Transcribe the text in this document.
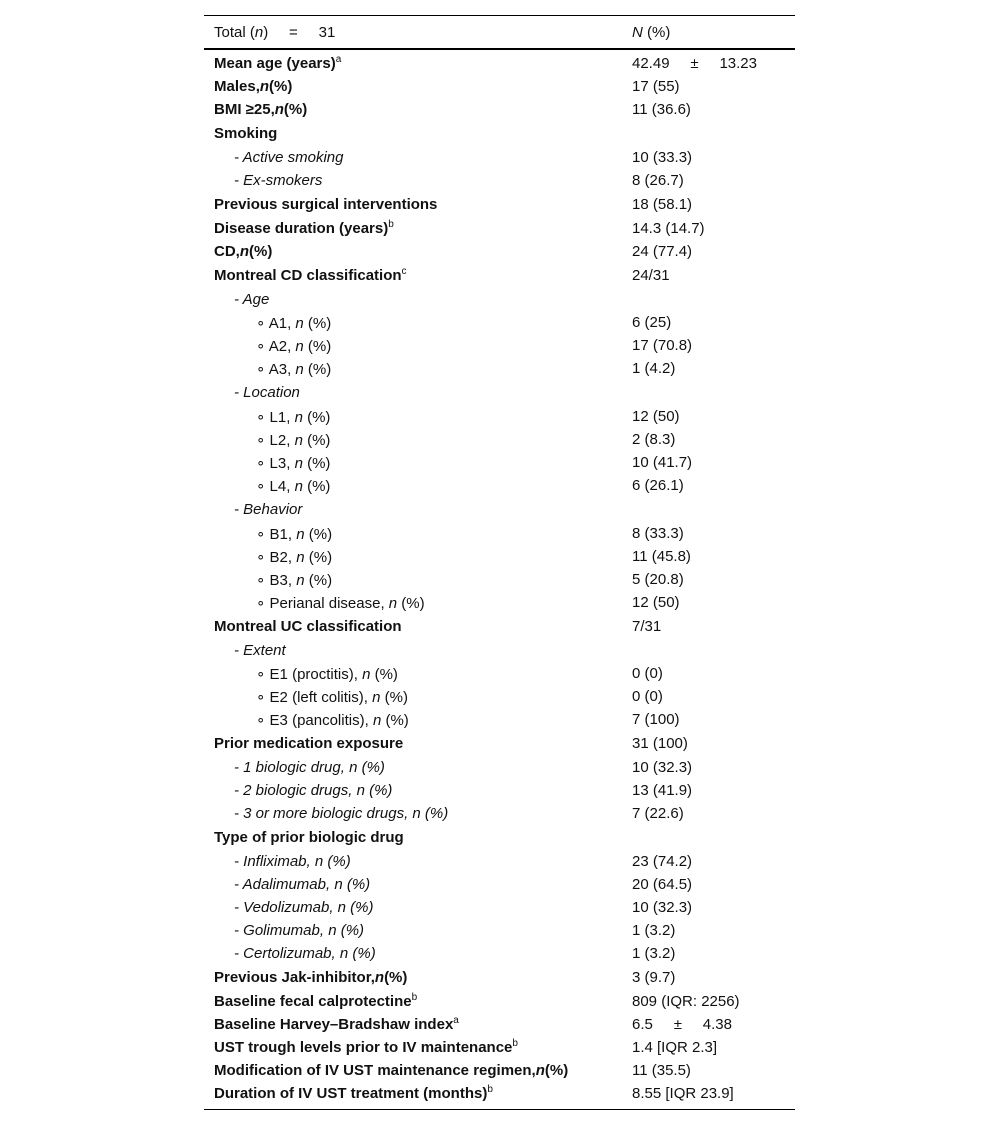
Total (n) = 31	N (%)
Mean age (years)$^a$	42.49     ±     13.23
Males,n(%)	17 (55)
BMI ≥25,n(%)	11 (36.6)
Smoking
- Active smoking	10 (33.3)
- Ex-smokers	8 (26.7)
Previous surgical interventions	18 (58.1)
Disease duration (years)$^b$	14.3 (14.7)
CD,n(%)	24 (77.4)
Montreal CD classification$^c$	24/31
- Age
∘ A1, n (%)	6 (25)
∘ A2, n (%)	17 (70.8)
∘ A3, n (%)	1 (4.2)
- Location
∘ L1, n (%)	12 (50)
∘ L2, n (%)	2 (8.3)
∘ L3, n (%)	10 (41.7)
∘ L4, n (%)	6 (26.1)
- Behavior
∘ B1, n (%)	8 (33.3)
∘ B2, n (%)	11 (45.8)
∘ B3, n (%)	5 (20.8)
∘ Perianal disease, n (%)	12 (50)
Montreal UC classification	7/31
- Extent
∘ E1 (proctitis), n (%)	0 (0)
∘ E2 (left colitis), n (%)	0 (0)
∘ E3 (pancolitis), n (%)	7 (100)
Prior medication exposure	31 (100)
- 1 biologic drug, n (%)	10 (32.3)
- 2 biologic drugs, n (%)	13 (41.9)
- 3 or more biologic drugs, n (%)	7 (22.6)
Type of prior biologic drug
- Infliximab, n (%)	23 (74.2)
- Adalimumab, n (%)	20 (64.5)
- Vedolizumab, n (%)	10 (32.3)
- Golimumab, n (%)	1 (3.2)
- Certolizumab, n (%)	1 (3.2)
Previous Jak-inhibitor,n(%)	3 (9.7)
Baseline fecal calprotectine$^b$	809 (IQR: 2256)
Baseline Harvey–Bradshaw index$^a$	6.5     ±     4.38
UST trough levels prior to IV maintenance$^b$	1.4 [IQR 2.3]
Modification of IV UST maintenance regimen,n(%)	11 (35.5)
Duration of IV UST treatment (months)$^b$	8.55 [IQR 23.9]
